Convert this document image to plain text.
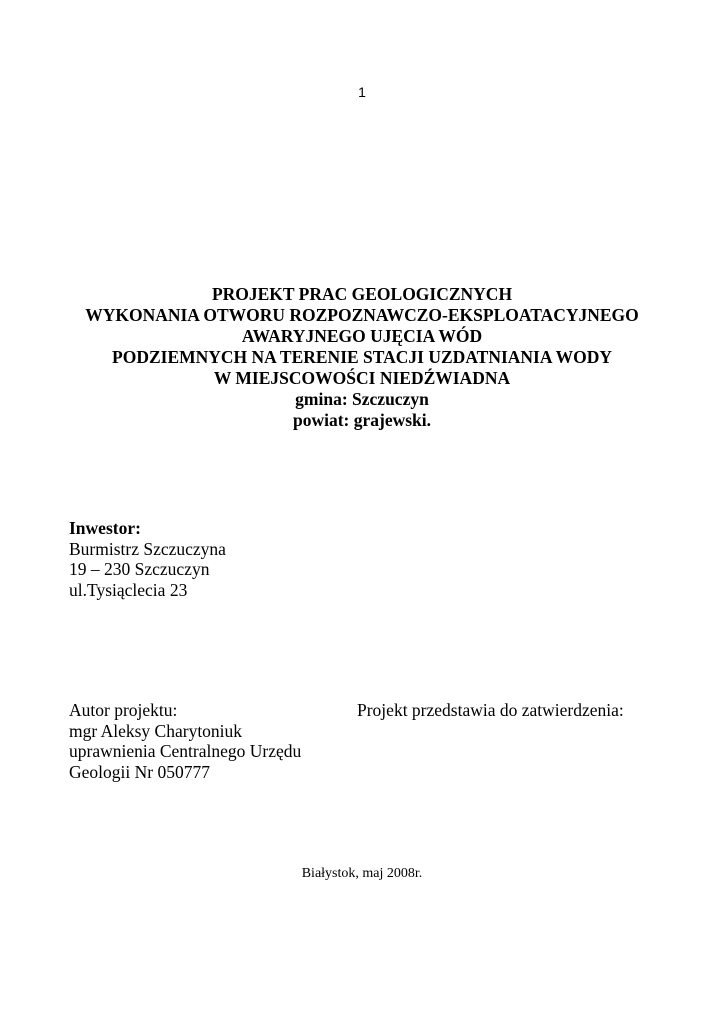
1
PROJEKT PRAC GEOLOGICZNYCH
WYKONANIA OTWORU ROZPOZNAWCZO-EKSPLOATACYJNEGO
AWARYJNEGO UJĘCIA WÓD
PODZIEMNYCH NA TERENIE STACJI UZDATNIANIA WODY
W MIEJSCOWOŚCI NIEDŹWIADNA
gmina: Szczuczyn
powiat: grajewski.
Inwestor:
Burmistrz Szczuczyna
19 – 230 Szczuczyn
ul.Tysiąclecia 23
Autor projektu:
mgr Aleksy Charytoniuk
uprawnienia Centralnego Urzędu
Geologii Nr 050777
Projekt przedstawia do zatwierdzenia:
Białystok, maj 2008r.
